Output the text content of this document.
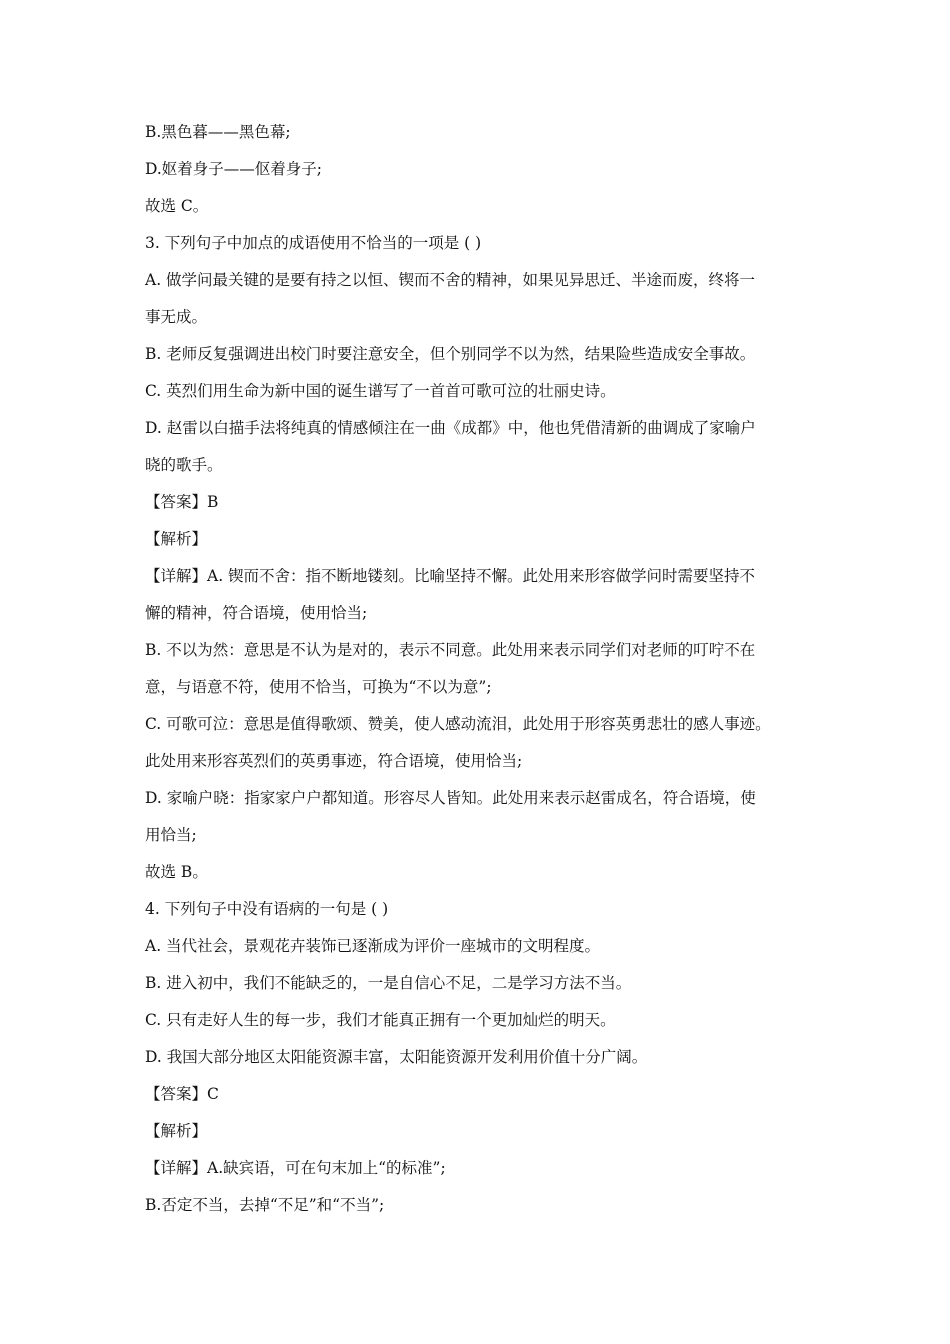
B.黑色暮——黑色幕;

D.妪着身子——伛着身子;

故选 C。

3. 下列句子中加点的成语使用不恰当的一项是 ( )

A. 做学问最关键的是要有持之以恒、锲而不舍的精神，如果见异思迁、半途而废，终将一

事无成。

B. 老师反复强调进出校门时要注意安全，但个别同学不以为然，结果险些造成安全事故。

C. 英烈们用生命为新中国的诞生谱写了一首首可歌可泣的壮丽史诗。

D. 赵雷以白描手法将纯真的情感倾注在一曲《成都》中，他也凭借清新的曲调成了家喻户

晓的歌手。

【答案】B

【解析】

【详解】A. 锲而不舍：指不断地镂刻。比喻坚持不懈。此处用来形容做学问时需要坚持不

懈的精神，符合语境，使用恰当;

B. 不以为然：意思是不认为是对的，表示不同意。此处用来表示同学们对老师的叮咛不在

意，与语意不符，使用不恰当，可换为“不以为意”;

C. 可歌可泣：意思是值得歌颂、赞美，使人感动流泪，此处用于形容英勇悲壮的感人事迹。

此处用来形容英烈们的英勇事迹，符合语境，使用恰当;

D. 家喻户晓：指家家户户都知道。形容尽人皆知。此处用来表示赵雷成名，符合语境，使

用恰当;

故选 B。

4. 下列句子中没有语病的一句是 ( )

A. 当代社会，景观花卉装饰已逐渐成为评价一座城市的文明程度。

B. 进入初中，我们不能缺乏的，一是自信心不足，二是学习方法不当。

C. 只有走好人生的每一步，我们才能真正拥有一个更加灿烂的明天。

D. 我国大部分地区太阳能资源丰富，太阳能资源开发利用价值十分广阔。

【答案】C

【解析】

【详解】A.缺宾语，可在句末加上“的标准”;

B.否定不当，去掉“不足”和“不当”;
